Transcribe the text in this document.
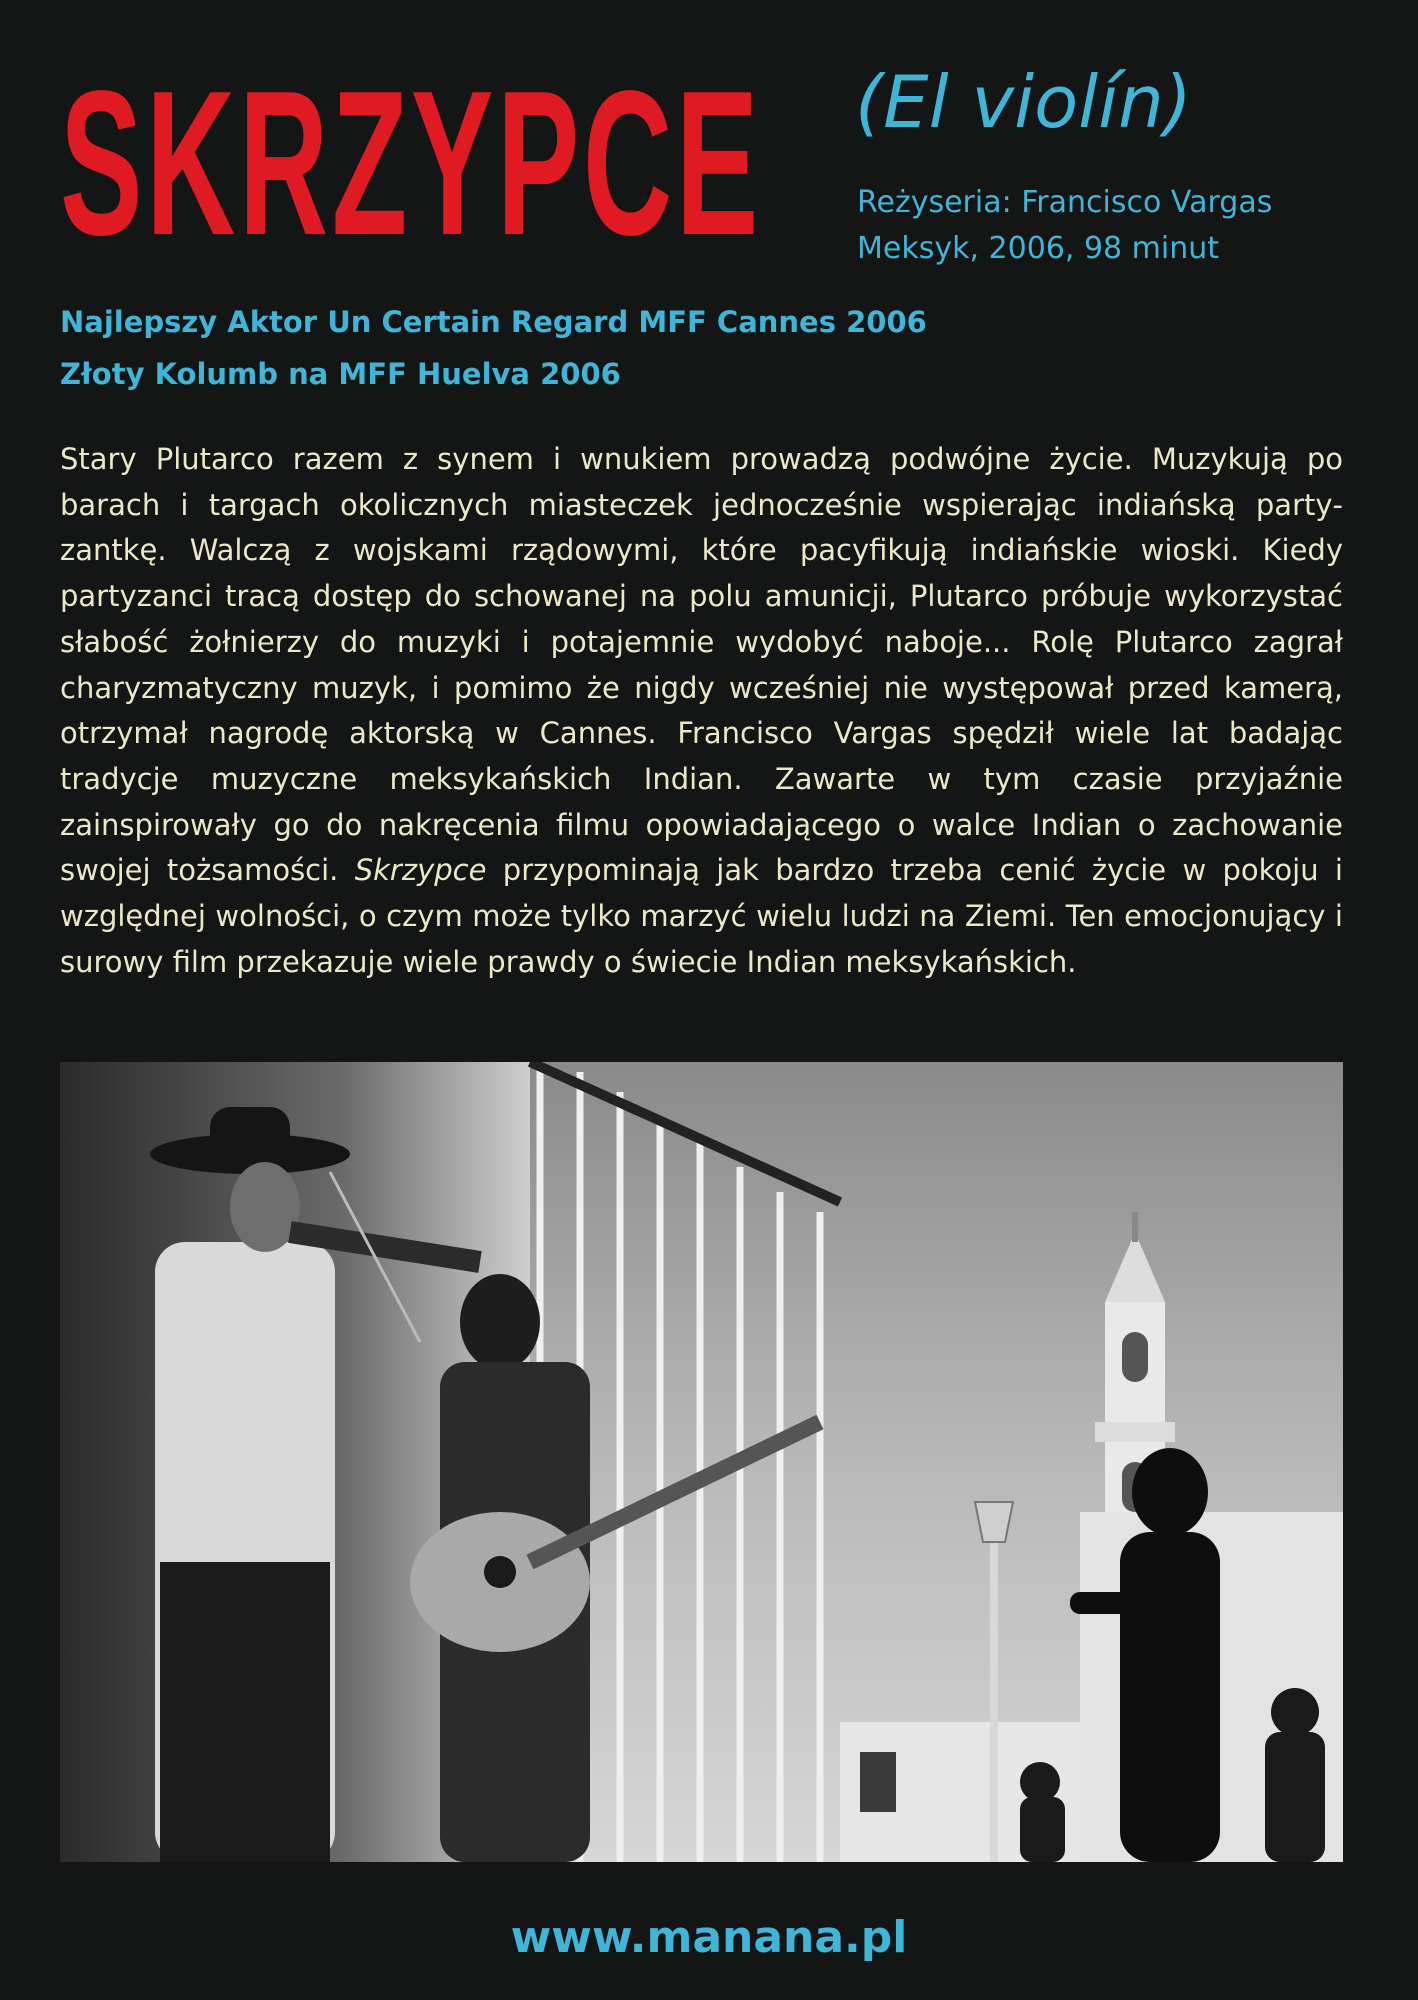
SKRZYPCE (El violín)
Reżyseria: Francisco Vargas
Meksyk, 2006, 98 minut
Najlepszy Aktor Un Certain Regard MFF Cannes 2006
Złoty Kolumb na MFF Huelva 2006

Stary Plutarco razem z synem i wnukiem prowadzą podwójne życie. Muzykują po barach i targach okolicznych miasteczek jednocześnie wspierając indiańską partyzantkę. Walczą z wojskami rządowymi, które pacyfikują indiańskie wioski. Kiedy partyzanci tracą dostęp do schowanej na polu amunicji, Plutarco próbuje wykorzystać słabość żołnierzy do muzyki i potajemnie wydobyć naboje... Rolę Plutarco zagrał charyzmatyczny muzyk, i pomimo że nigdy wcześniej nie występował przed kamerą, otrzymał nagrodę aktorską w Cannes. Francisco Vargas spędził wiele lat badając tradycje muzyczne meksykańskich Indian. Zawarte w tym czasie przyjaźnie zainspirowały go do nakręcenia filmu opowiadającego o walce Indian o zachowanie swojej tożsamości. Skrzypce przypominają jak bardzo trzeba cenić życie w pokoju i względnej wolności, o czym może tylko marzyć wielu ludzi na Ziemi. Ten emocjonujący i surowy film przekazuje wiele prawdy o świecie Indian meksykańskich.

www.manana.pl
